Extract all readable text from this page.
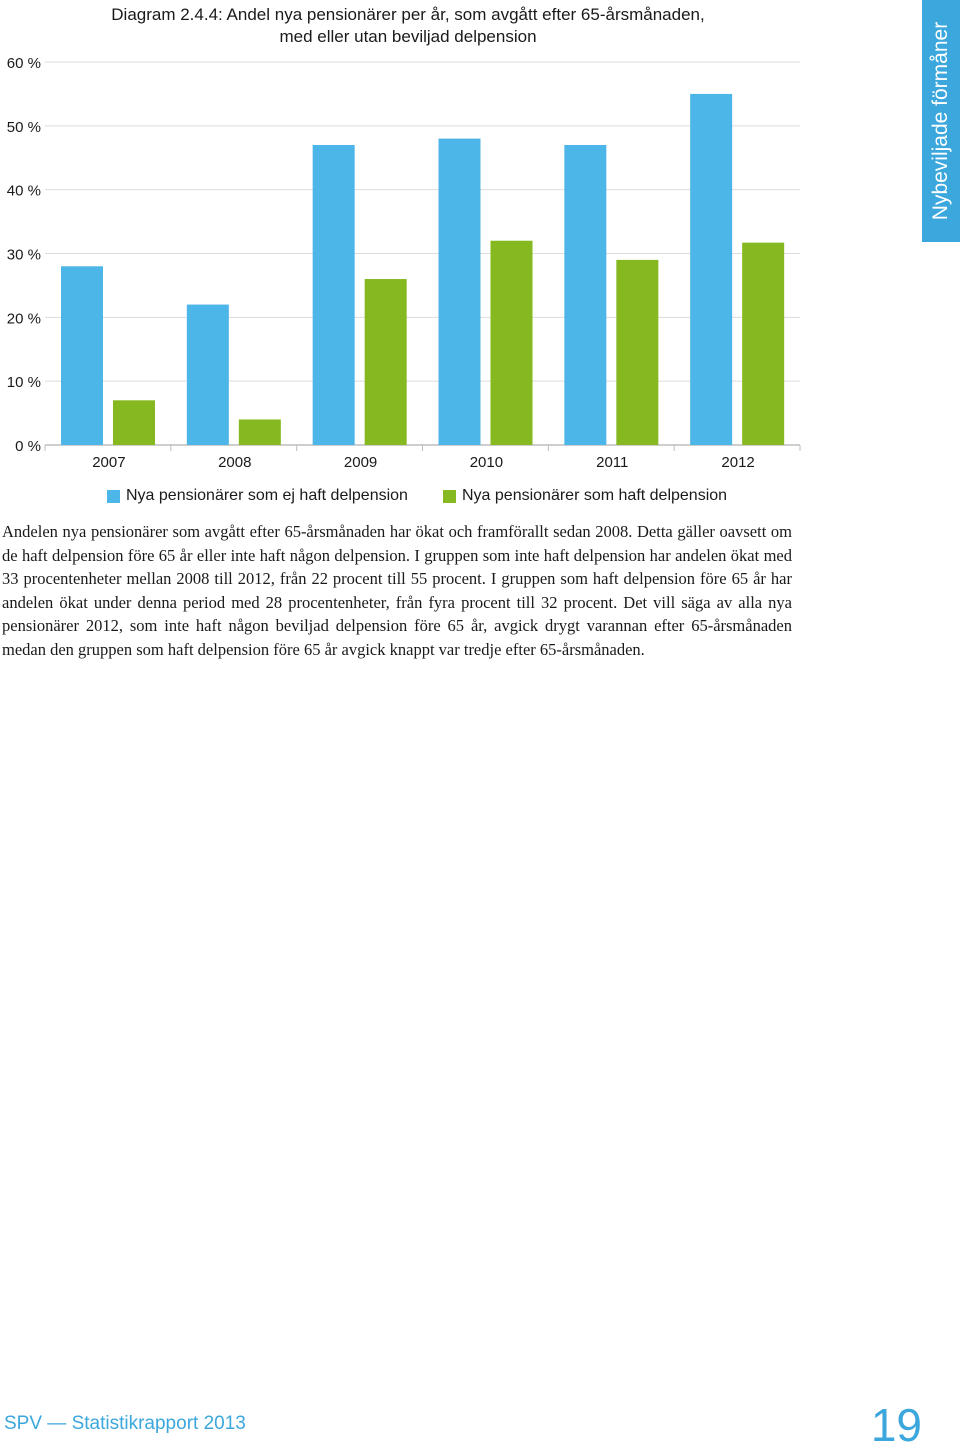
Diagram 2.4.4: Andel nya pensionärer per år, som avgått efter 65-årsmånaden,
med eller utan beviljad delpension
0 %
10 %
20 %
30 %
40 %
50 %
60 %
2007	2008	2009	2010	2011	2012
Nybeviljade förmåner
Nya pensionärer som ej haft delpension	Nya pensionärer som haft delpension

Andelen nya pensionärer som avgått efter 65-årsmånaden har ökat och framförallt sedan 2008. Detta gäller oavsett om de haft delpension före 65 år eller inte haft någon delpension. I gruppen som inte haft delpension har andelen ökat med 33 procentenheter mellan 2008 till 2012, från 22 procent till 55 procent. I gruppen som haft delpension före 65 år har andelen ökat under denna period med 28 procentenheter, från fyra procent till 32 procent. Det vill säga av alla nya pensionärer 2012, som inte haft någon beviljad delpension före 65 år, avgick drygt varannan efter 65-årsmånaden medan den gruppen som haft delpension före 65 år avgick knappt var tredje efter 65-årsmånaden.

SPV — Statistikrapport 2013	19
